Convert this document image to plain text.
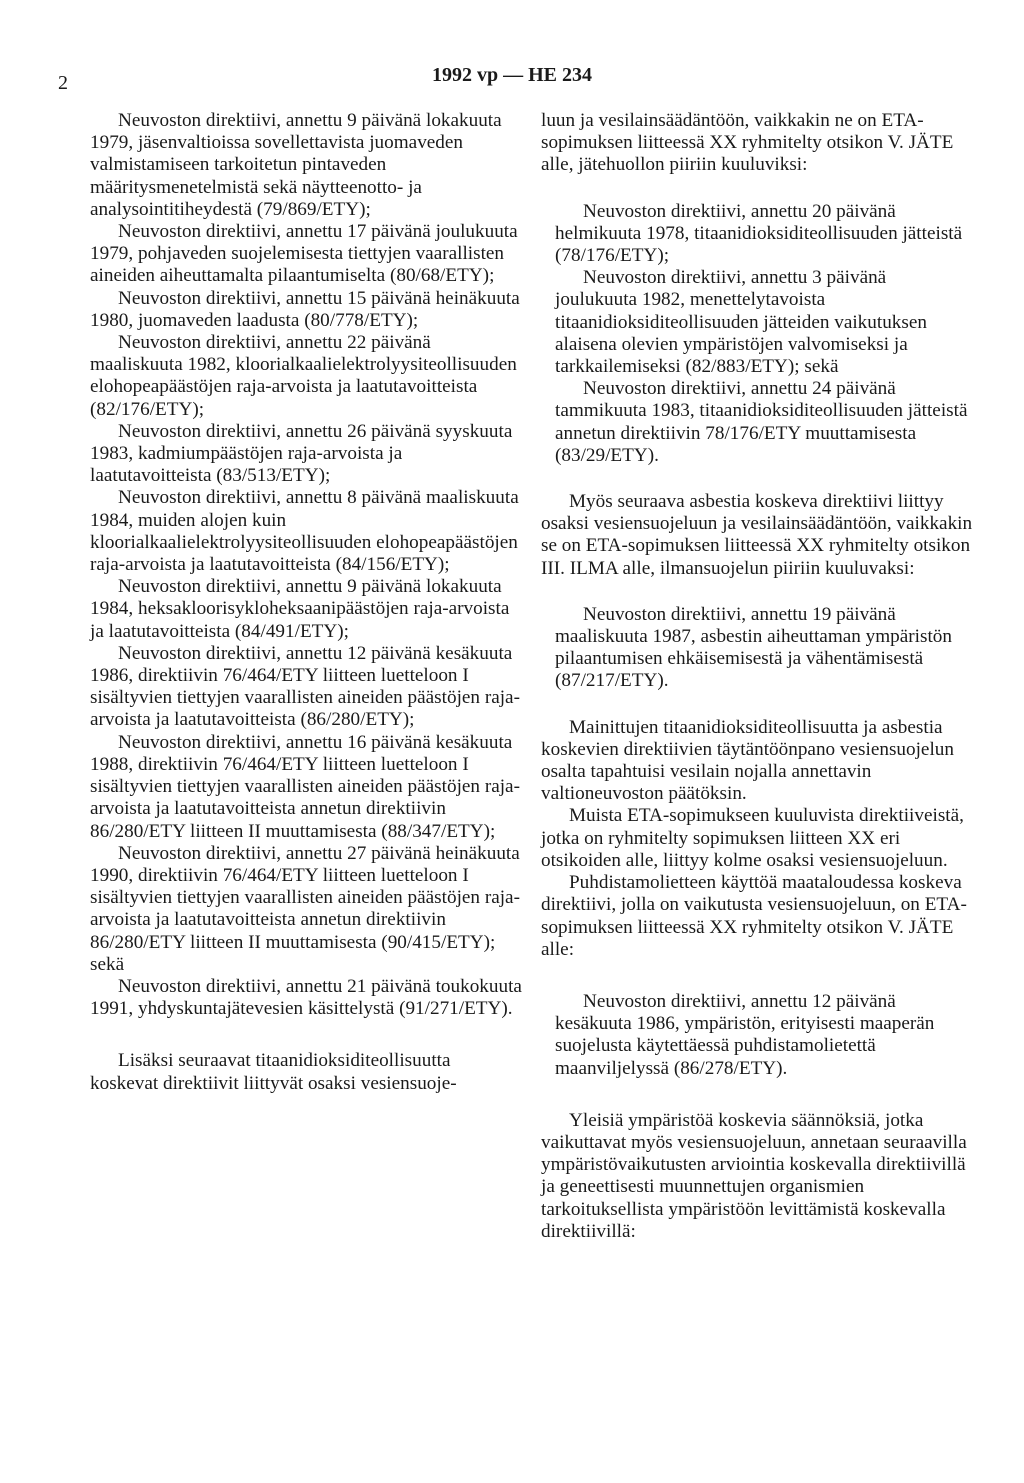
2	1992 vp — HE 234

Neuvoston direktiivi, annettu 9 päivänä lokakuuta 1979, jäsenvaltioissa sovellettavista juomaveden valmistamiseen tarkoitetun pintaveden määritysmenetelmistä sekä näytteenotto- ja analysointitiheydestä (79/869/ETY);

Neuvoston direktiivi, annettu 17 päivänä joulukuuta 1979, pohjaveden suojelemisesta tiettyjen vaarallisten aineiden aiheuttamalta pilaantumiselta (80/68/ETY);

Neuvoston direktiivi, annettu 15 päivänä heinäkuuta 1980, juomaveden laadusta (80/778/ETY);

Neuvoston direktiivi, annettu 22 päivänä maaliskuuta 1982, kloorialkaalielektrolyysiteollisuuden elohopeapäästöjen raja-arvoista ja laatutavoitteista (82/176/ETY);

Neuvoston direktiivi, annettu 26 päivänä syyskuuta 1983, kadmiumpäästöjen raja-arvoista ja laatutavoitteista (83/513/ETY);

Neuvoston direktiivi, annettu 8 päivänä maaliskuuta 1984, muiden alojen kuin kloorialkaalielektrolyysiteollisuuden elohopeapäästöjen raja-arvoista ja laatutavoitteista (84/156/ETY);

Neuvoston direktiivi, annettu 9 päivänä lokakuuta 1984, heksakloorisykloheksaanipäästöjen raja-arvoista ja laatutavoitteista (84/491/ETY);

Neuvoston direktiivi, annettu 12 päivänä kesäkuuta 1986, direktiivin 76/464/ETY liitteen luetteloon I sisältyvien tiettyjen vaarallisten aineiden päästöjen raja-arvoista ja laatutavoitteista (86/280/ETY);

Neuvoston direktiivi, annettu 16 päivänä kesäkuuta 1988, direktiivin 76/464/ETY liitteen luetteloon I sisältyvien tiettyjen vaarallisten aineiden päästöjen raja-arvoista ja laatutavoitteista annetun direktiivin 86/280/ETY liitteen II muuttamisesta (88/347/ETY);

Neuvoston direktiivi, annettu 27 päivänä heinäkuuta 1990, direktiivin 76/464/ETY liitteen luetteloon I sisältyvien tiettyjen vaarallisten aineiden päästöjen raja-arvoista ja laatutavoitteista annetun direktiivin 86/280/ETY liitteen II muuttamisesta (90/415/ETY); sekä

Neuvoston direktiivi, annettu 21 päivänä toukokuuta 1991, yhdyskuntajätevesien käsittelystä (91/271/ETY).

Lisäksi seuraavat titaanidioksiditeollisuutta koskevat direktiivit liittyvät osaksi vesiensuoje-

luun ja vesilainsäädäntöön, vaikkakin ne on ETA-sopimuksen liitteessä XX ryhmitelty otsikon V. JÄTE alle, jätehuollon piiriin kuuluviksi:

Neuvoston direktiivi, annettu 20 päivänä helmikuuta 1978, titaanidioksiditeollisuuden jätteistä (78/176/ETY);

Neuvoston direktiivi, annettu 3 päivänä joulukuuta 1982, menettelytavoista titaanidioksiditeollisuuden jätteiden vaikutuksen alaisena olevien ympäristöjen valvomiseksi ja tarkkailemiseksi (82/883/ETY); sekä

Neuvoston direktiivi, annettu 24 päivänä tammikuuta 1983, titaanidioksiditeollisuuden jätteistä annetun direktiivin 78/176/ETY muuttamisesta (83/29/ETY).

Myös seuraava asbestia koskeva direktiivi liittyy osaksi vesiensuojeluun ja vesilainsäädäntöön, vaikkakin se on ETA-sopimuksen liitteessä XX ryhmitelty otsikon III. ILMA alle, ilmansuojelun piiriin kuuluvaksi:

Neuvoston direktiivi, annettu 19 päivänä maaliskuuta 1987, asbestin aiheuttaman ympäristön pilaantumisen ehkäisemisestä ja vähentämisestä (87/217/ETY).

Mainittujen titaanidioksiditeollisuutta ja asbestia koskevien direktiivien täytäntöönpano vesiensuojelun osalta tapahtuisi vesilain nojalla annettavin valtioneuvoston päätöksin.

Muista ETA-sopimukseen kuuluvista direktiiveistä, jotka on ryhmitelty sopimuksen liitteen XX eri otsikoiden alle, liittyy kolme osaksi vesiensuojeluun.

Puhdistamolietteen käyttöä maataloudessa koskeva direktiivi, jolla on vaikutusta vesiensuojeluun, on ETA-sopimuksen liitteessä XX ryhmitelty otsikon V. JÄTE alle:

Neuvoston direktiivi, annettu 12 päivänä kesäkuuta 1986, ympäristön, erityisesti maaperän suojelusta käytettäessä puhdistamolietettä maanviljelyssä (86/278/ETY).

Yleisiä ympäristöä koskevia säännöksiä, jotka vaikuttavat myös vesiensuojeluun, annetaan seuraavilla ympäristövaikutusten arviointia koskevalla direktiivillä ja geneettisesti muunnettujen organismien tarkoituksellista ympäristöön levittämistä koskevalla direktiivillä:
